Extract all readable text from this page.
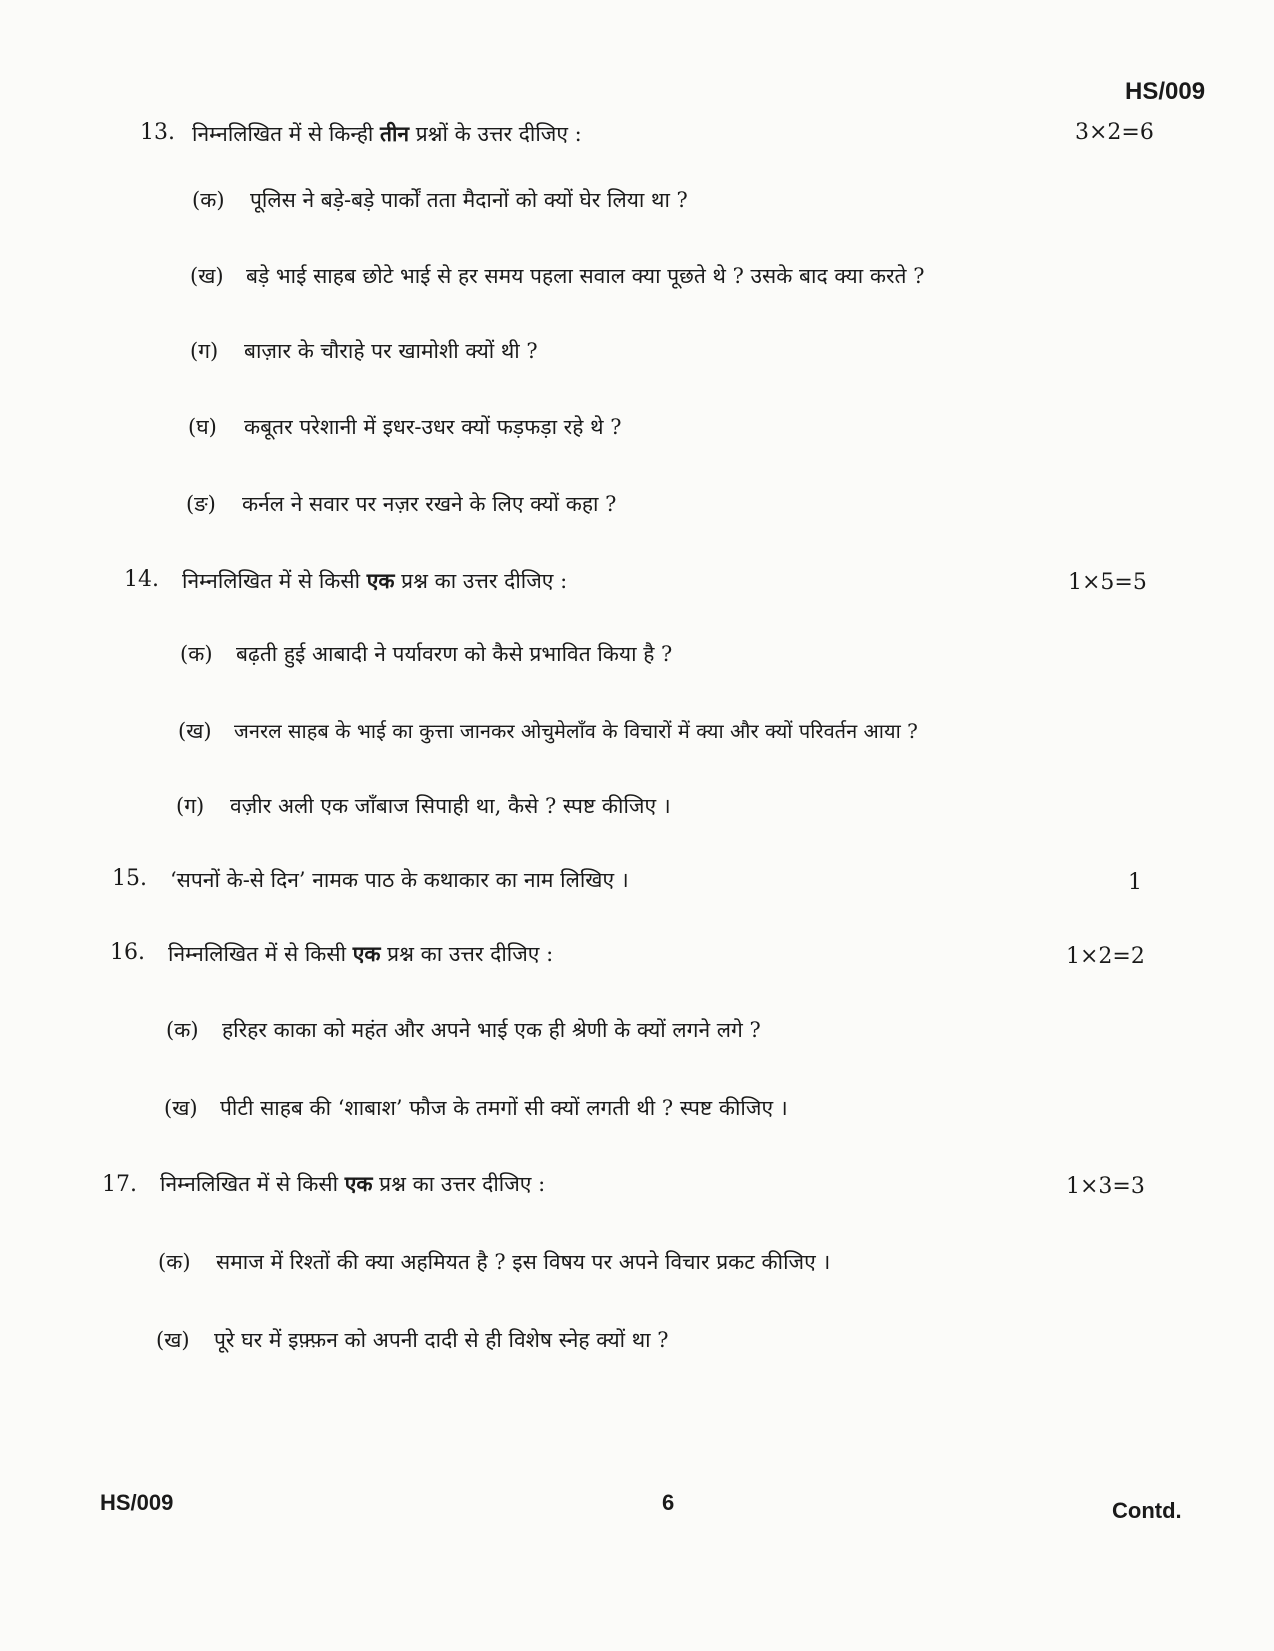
HS/009
13. निम्नलिखित में से किन्ही तीन प्रश्नों के उत्तर दीजिए :	3×2=6
(क) पूलिस ने बड़े-बड़े पार्कों तता मैदानों को क्यों घेर लिया था ?
(ख) बड़े भाई साहब छोटे भाई से हर समय पहला सवाल क्या पूछते थे ? उसके बाद क्या करते ?
(ग) बाज़ार के चौराहे पर खामोशी क्यों थी ?
(घ) कबूतर परेशानी में इधर-उधर क्यों फड़फड़ा रहे थे ?
(ङ) कर्नल ने सवार पर नज़र रखने के लिए क्यों कहा ?
14. निम्नलिखित में से किसी एक प्रश्न का उत्तर दीजिए :	1×5=5
(क) बढ़ती हुई आबादी ने पर्यावरण को कैसे प्रभावित किया है ?
(ख) जनरल साहब के भाई का कुत्ता जानकर ओचुमेलाँव के विचारों में क्या और क्यों परिवर्तन आया ?
(ग) वज़ीर अली एक जाँबाज सिपाही था, कैसे ? स्पष्ट कीजिए ।
15. ‘सपनों के-से दिन’ नामक पाठ के कथाकार का नाम लिखिए ।	1
16. निम्नलिखित में से किसी एक प्रश्न का उत्तर दीजिए :	1×2=2
(क) हरिहर काका को महंत और अपने भाई एक ही श्रेणी के क्यों लगने लगे ?
(ख) पीटी साहब की ‘शाबाश’ फौज के तमगों सी क्यों लगती थी ? स्पष्ट कीजिए ।
17. निम्नलिखित में से किसी एक प्रश्न का उत्तर दीजिए :	1×3=3
(क) समाज में रिश्तों की क्या अहमियत है ? इस विषय पर अपने विचार प्रकट कीजिए ।
(ख) पूरे घर में इफ़्फ़न को अपनी दादी से ही विशेष स्नेह क्यों था ?
HS/009	6	Contd.
